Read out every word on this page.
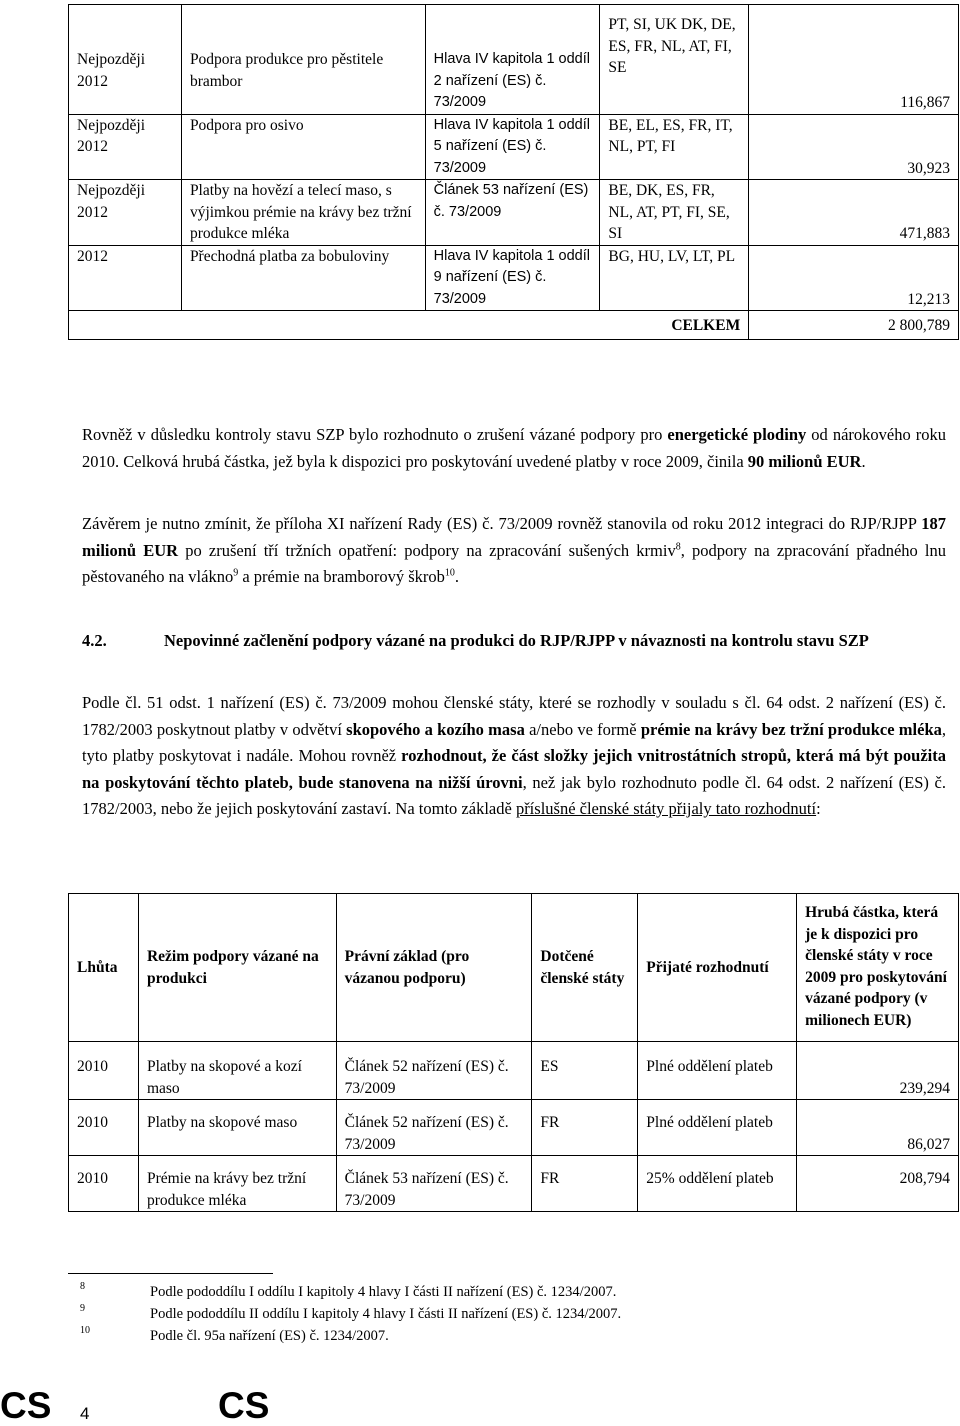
Nejpozději 2012	Podpora produkce pro pěstitele brambor	Hlava IV kapitola 1 oddíl 2 nařízení (ES) č. 73/2009	PT, SI, UK DK, DE, ES, FR, NL, AT, FI, SE	116,867
Nejpozději 2012	Podpora pro osivo	Hlava IV kapitola 1 oddíl 5 nařízení (ES) č. 73/2009	BE, EL, ES, FR, IT, NL, PT, FI	30,923
Nejpozději 2012	Platby na hovězí a telecí maso, s výjimkou prémie na krávy bez tržní produkce mléka	Článek 53 nařízení (ES) č. 73/2009	BE, DK, ES, FR, NL, AT, PT, FI, SE, SI	471,883
2012	Přechodná platba za bobuloviny	Hlava IV kapitola 1 oddíl 9 nařízení (ES) č. 73/2009	BG, HU, LV, LT, PL	12,213
CELKEM				2 800,789

Rovněž v důsledku kontroly stavu SZP bylo rozhodnuto o zrušení vázané podpory pro energetické plodiny od nárokového roku 2010. Celková hrubá částka, jež byla k dispozici pro poskytování uvedené platby v roce 2009, činila 90 milionů EUR.

Závěrem je nutno zmínit, že příloha XI nařízení Rady (ES) č. 73/2009 rovněž stanovila od roku 2012 integraci do RJP/RJPP 187 milionů EUR po zrušení tří tržních opatření: podpory na zpracování sušených krmiv$^8$, podpory na zpracování přadného lnu pěstovaného na vlákno$^9$ a prémie na bramborový škrob$^{10}$.

4.2.	Nepovinné začlenění podpory vázané na produkci do RJP/RJPP v návaznosti na kontrolu stavu SZP

Podle čl. 51 odst. 1 nařízení (ES) č. 73/2009 mohou členské státy, které se rozhodly v souladu s čl. 64 odst. 2 nařízení (ES) č. 1782/2003 poskytnout platby v odvětví skopového a kozího masa a/nebo ve formě prémie na krávy bez tržní produkce mléka, tyto platby poskytovat i nadále. Mohou rovněž rozhodnout, že část složky jejich vnitrostátních stropů, která má být použita na poskytování těchto plateb, bude stanovena na nižší úrovni, než jak bylo rozhodnuto podle čl. 64 odst. 2 nařízení (ES) č. 1782/2003, nebo že jejich poskytování zastaví. Na tomto základě příslušné členské státy přijaly tato rozhodnutí:

Lhůta	Režim podpory vázané na produkci	Právní základ (pro vázanou podporu)	Dotčené členské státy	Přijaté rozhodnutí	Hrubá částka, která je k dispozici pro členské státy v roce 2009 pro poskytování vázané podpory (v milionech EUR)
2010	Platby na skopové a kozí maso	Článek 52 nařízení (ES) č. 73/2009	ES	Plné oddělení plateb	239,294
2010	Platby na skopové maso	Článek 52 nařízení (ES) č. 73/2009	FR	Plné oddělení plateb	86,027
2010	Prémie na krávy bez tržní produkce mléka	Článek 53 nařízení (ES) č. 73/2009	FR	25% oddělení plateb	208,794
8	Podle pododdílu I oddílu I kapitoly 4 hlavy I části II nařízení (ES) č. 1234/2007.
9	Podle pododdílu II oddílu I kapitoly 4 hlavy I části II nařízení (ES) č. 1234/2007.
10	Podle čl. 95a nařízení (ES) č. 1234/2007.
CS 4	CS
